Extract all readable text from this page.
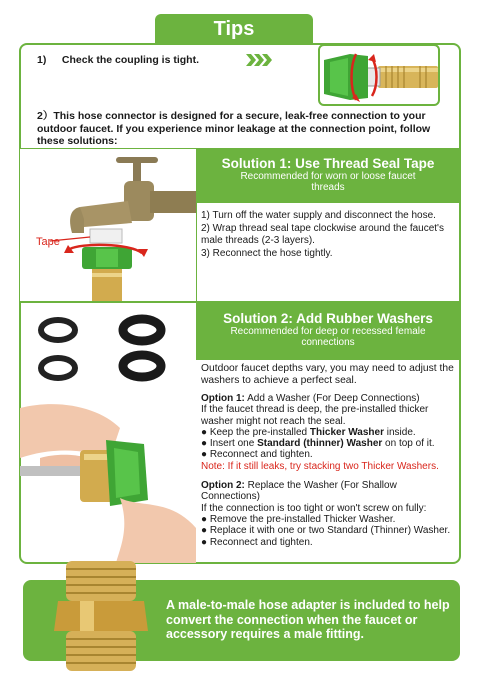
Tips
1) Check the coupling is tight.
2）This hose connector is designed for a secure, leak-free connection to your outdoor faucet. If you experience minor leakage at the connection point, follow these solutions:
Tape
Solution 1: Use Thread Seal Tape
Recommended for worn or loose faucet threads
1) Turn off the water supply and disconnect the hose.
2) Wrap thread seal tape clockwise around the faucet's male threads (2-3 layers).
3) Reconnect the hose tightly.
Solution 2: Add Rubber Washers
Recommended for deep or recessed female connections
Outdoor faucet depths vary, you may need to adjust the washers to achieve a perfect seal.
Option 1: Add a Washer (For Deep Connections)
If the faucet thread is deep, the pre-installed thicker washer might not reach the seal.
● Keep the pre-installed Thicker Washer inside.
● Insert one Standard (thinner) Washer on top of it.
● Reconnect and tighten.
Note: If it still leaks, try stacking two Thicker Washers.
Option 2: Replace the Washer (For Shallow Connections)
If the connection is too tight or won't screw on fully:
● Remove the pre-installed Thicker Washer.
● Replace it with one or two Standard (Thinner) Washer.
● Reconnect and tighten.
A male-to-male hose adapter is included to help convert the connection when the faucet or accessory requires a male fitting.
